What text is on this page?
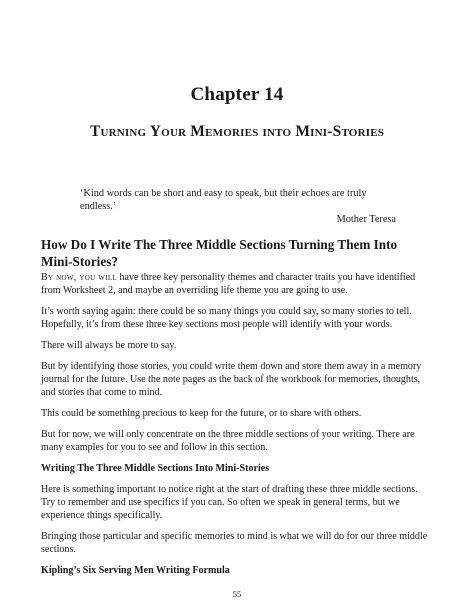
Chapter 14
Turning Your Memories into Mini-Stories
‘Kind words can be short and easy to speak, but their echoes are truly endless.’
Mother Teresa
How Do I Write The Three Middle Sections Turning Them Into Mini-Stories?

By now, you will have three key personality themes and character traits you have identified from Worksheet 2, and maybe an overriding life theme you are going to use.

It’s worth saying again: there could be so many things you could say, so many stories to tell. Hopefully, it’s from these three key sections most people will identify with your words.

There will always be more to say.

But by identifying those stories, you could write them down and store them away in a memory journal for the future. Use the note pages as the back of the workbook for memories, thoughts, and stories that come to mind.

This could be something precious to keep for the future, or to share with others.

But for now, we will only concentrate on the three middle sections of your writing. There are many examples for you to see and follow in this section.

Writing The Three Middle Sections Into Mini-Stories

Here is something important to notice right at the start of drafting these three middle sections. Try to remember and use specifics if you can. So often we speak in general terms, but we experience things specifically.

Bringing those particular and specific memories to mind is what we will do for our three middle sections.

Kipling’s Six Serving Men Writing Formula
55
